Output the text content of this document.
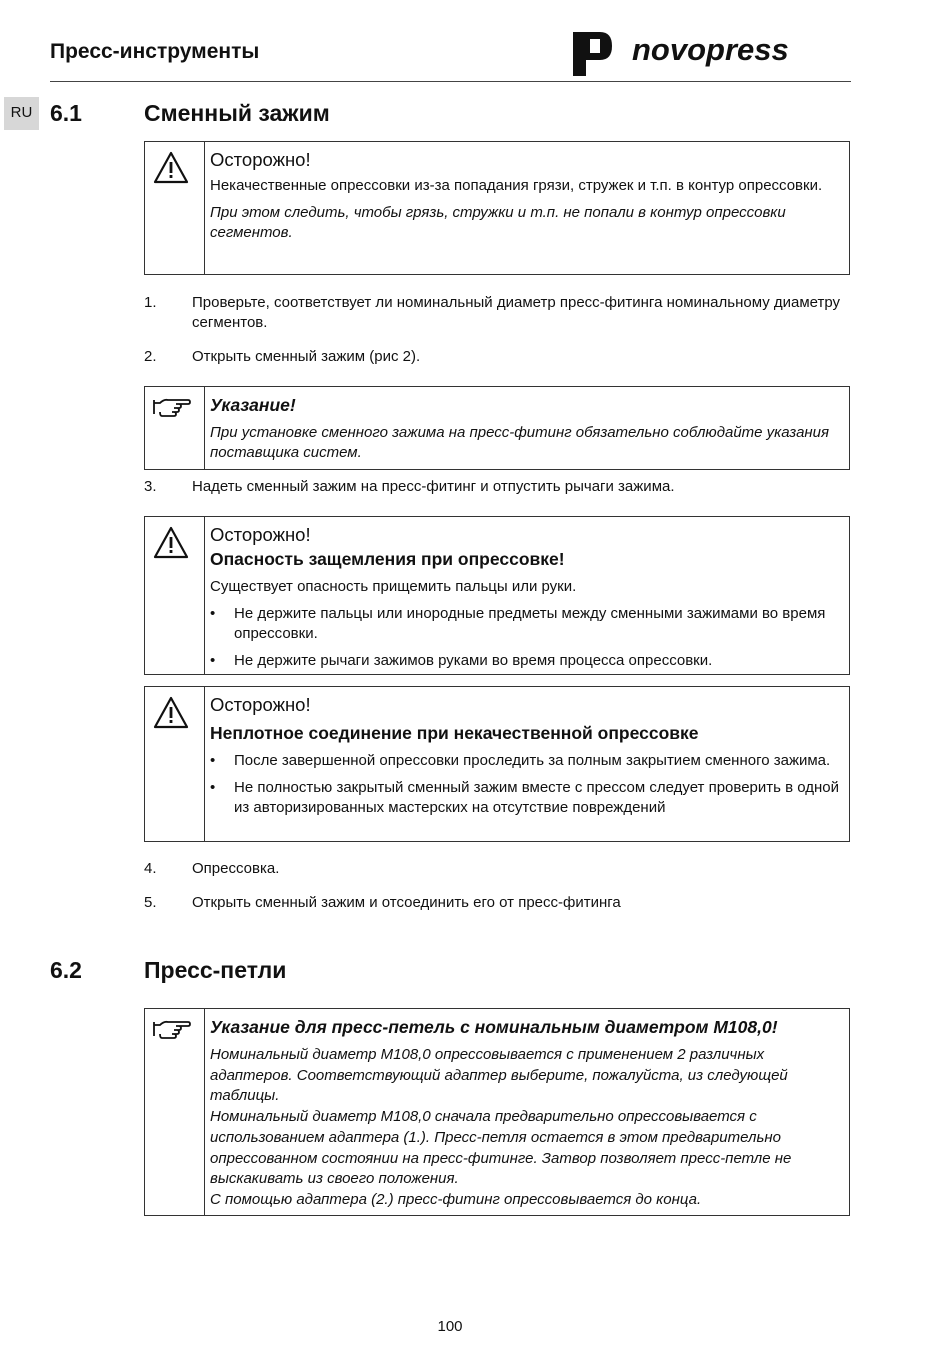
Пресс-инструменты	novopress
RU 6.1	Сменный зажим
Осторожно!

Некачественные опрессовки из-за попадания грязи, стружек и т.п. в контур опрессовки.

При этом следить, чтобы грязь, стружки и т.п. не попали в контур опрессовки сегментов.

1. Проверьте, соответствует ли номинальный диаметр пресс-фитинга номинальному диаметру сегментов.
2. Открыть сменный зажим (рис 2).
Указание!

При установке сменного зажима на пресс-фитинг обязательно соблюдайте указания поставщика систем.

3. Надеть сменный зажим на пресс-фитинг и отпустить рычаги зажима.
Осторожно!
Опасность защемления при опрессовке!

Существует опасность прищемить пальцы или руки.

• Не держите пальцы или инородные предметы между сменными зажимами во время опрессовки.
• Не держите рычаги зажимов руками во время процесса опрессовки.
Осторожно!
Неплотное соединение при некачественной опрессовке
• После завершенной опрессовки проследить за полным закрытием сменного зажима.
• Не полностью закрытый сменный зажим вместе с прессом следует проверить в одной из авторизированных мастерских на отсутствие повреждений
4. Опрессовка.
5. Открыть сменный зажим и отсоединить его от пресс-фитинга
6.2	Пресс-петли
Указание для пресс-петель с номинальным диаметром M108,0!
Номинальный диаметр M108,0 опрессовывается с применением 2 различных адаптеров. Соответствующий адаптер выберите, пожалуйста, из следующей таблицы.
Номинальный диаметр M108,0 сначала предварительно опрессовывается с использованием адаптера (1.). Пресс-петля остается в этом предварительно опрессованном состоянии на пресс-фитинге. Затвор позволяет пресс-петле не выскакивать из своего положения.
С помощью адаптера (2.) пресс-фитинг опрессовывается до конца.
100
